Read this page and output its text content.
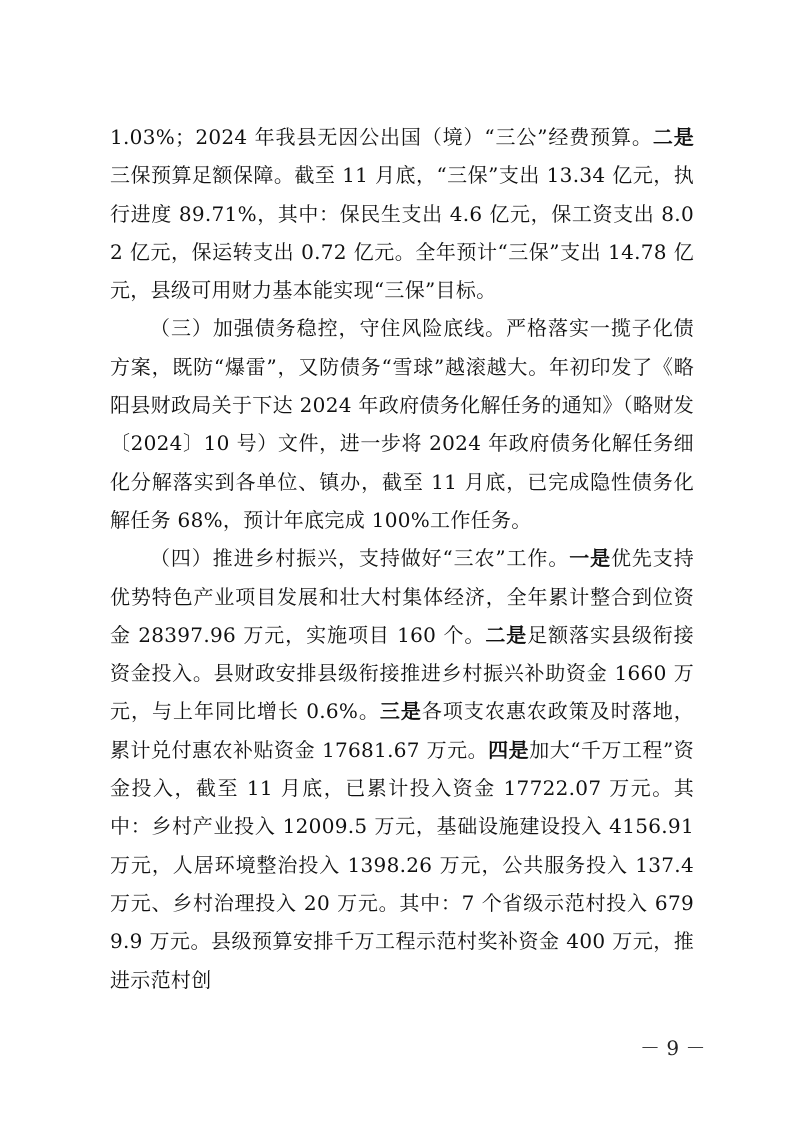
1.03%；2024 年我县无因公出国（境）“三公”经费预算。二是三保预算足额保障。截至 11 月底，“三保”支出 13.34 亿元，执行进度 89.71%，其中：保民生支出 4.6 亿元，保工资支出 8.02 亿元，保运转支出 0.72 亿元。全年预计“三保”支出 14.78 亿元，县级可用财力基本能实现“三保”目标。

（三）加强债务稳控，守住风险底线。严格落实一揽子化债方案，既防“爆雷”，又防债务“雪球”越滚越大。年初印发了《略阳县财政局关于下达 2024 年政府债务化解任务的通知》（略财发〔2024〕10 号）文件，进一步将 2024 年政府债务化解任务细化分解落实到各单位、镇办，截至 11 月底，已完成隐性债务化解任务 68%，预计年底完成 100%工作任务。

（四）推进乡村振兴，支持做好“三农”工作。一是优先支持优势特色产业项目发展和壮大村集体经济，全年累计整合到位资金 28397.96 万元，实施项目 160 个。二是足额落实县级衔接资金投入。县财政安排县级衔接推进乡村振兴补助资金 1660 万元，与上年同比增长 0.6%。三是各项支农惠农政策及时落地，累计兑付惠农补贴资金 17681.67 万元。四是加大“千万工程”资金投入，截至 11 月底，已累计投入资金 17722.07 万元。其中：乡村产业投入 12009.5 万元，基础设施建设投入 4156.91 万元，人居环境整治投入 1398.26 万元，公共服务投入 137.4 万元、乡村治理投入 20 万元。其中：7 个省级示范村投入 6799.9 万元。县级预算安排千万工程示范村奖补资金 400 万元，推进示范村创

－ 9 －
